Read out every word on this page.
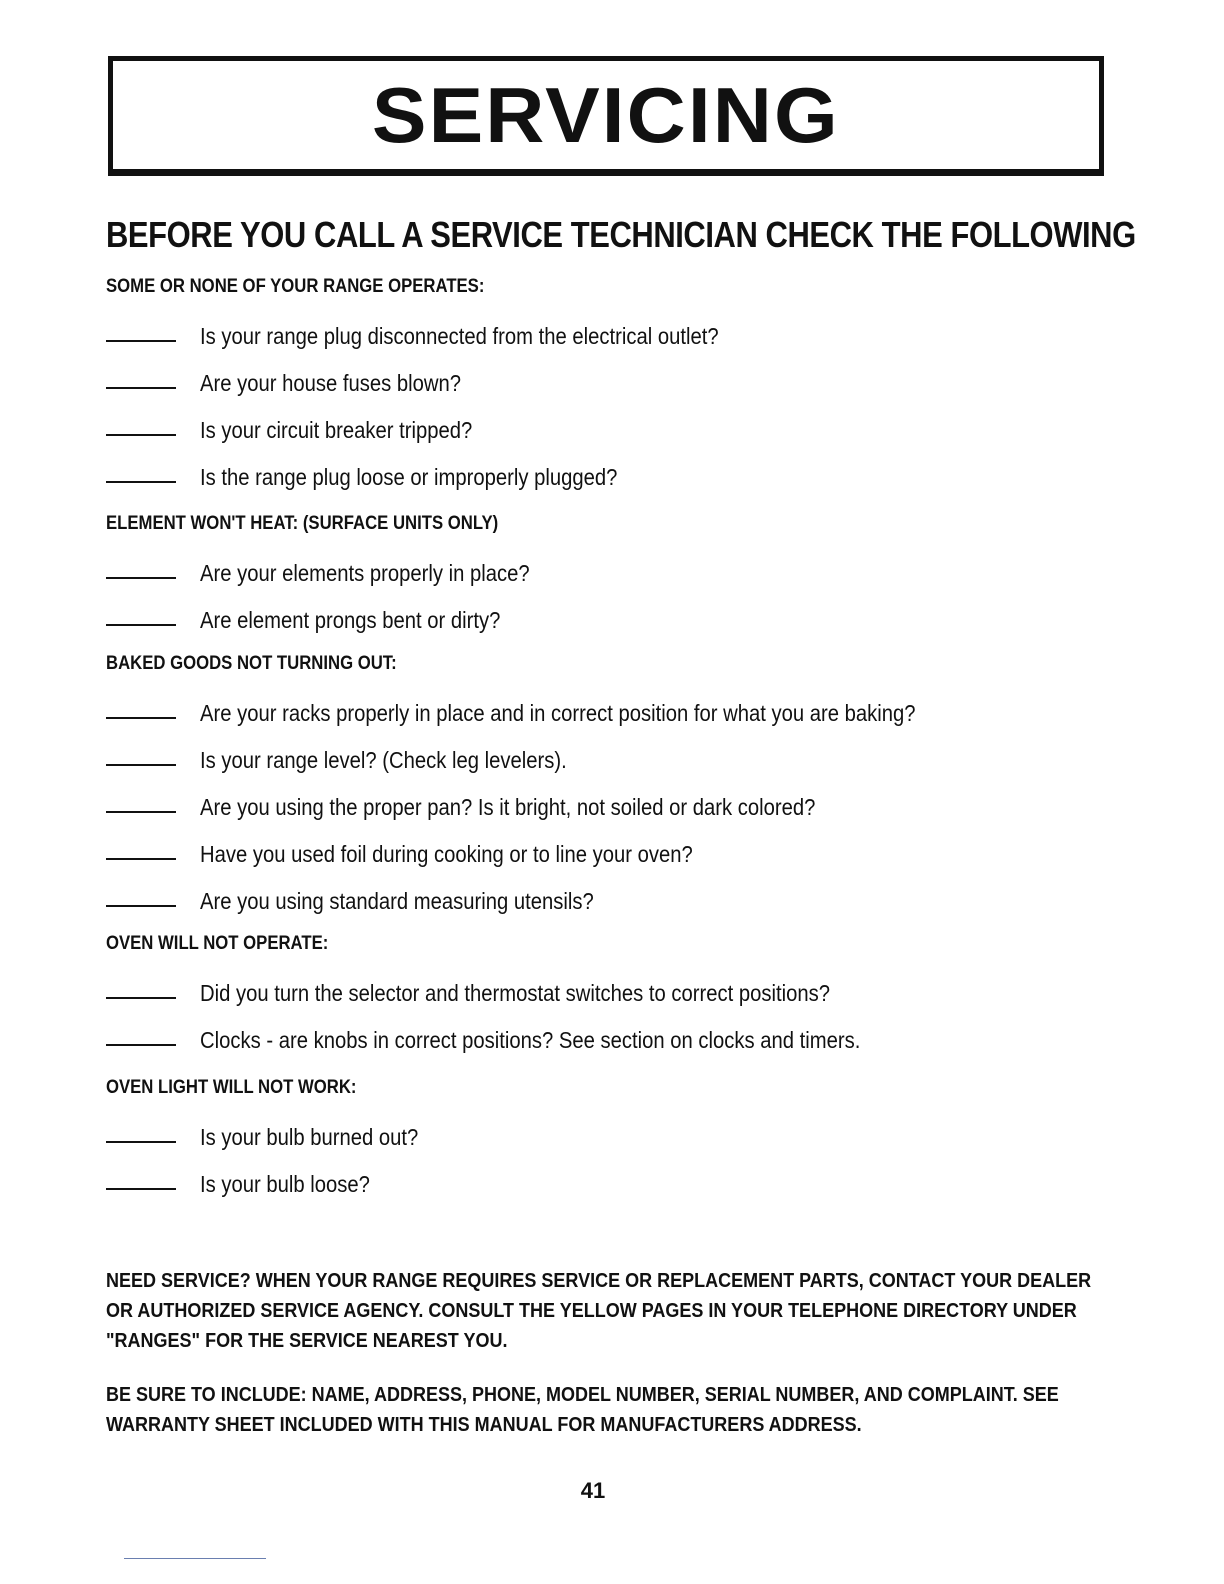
SERVICING
BEFORE YOU CALL A SERVICE TECHNICIAN CHECK THE FOLLOWING
SOME OR NONE OF YOUR RANGE OPERATES:
Is your range plug disconnected from the electrical outlet?
Are your house fuses blown?
Is your circuit breaker tripped?
Is the range plug loose or improperly plugged?
ELEMENT WON'T HEAT: (SURFACE UNITS ONLY)
Are your elements properly in place?
Are element prongs bent or dirty?
BAKED GOODS NOT TURNING OUT:
Are your racks properly in place and in correct position for what you are baking?
Is your range level? (Check leg levelers).
Are you using the proper pan? Is it bright, not soiled or dark colored?
Have you used foil during cooking or to line your oven?
Are you using standard measuring utensils?
OVEN WILL NOT OPERATE:
Did you turn the selector and thermostat switches to correct positions?
Clocks - are knobs in correct positions? See section on clocks and timers.
OVEN LIGHT WILL NOT WORK:
Is your bulb burned out?
Is your bulb loose?
NEED SERVICE? WHEN YOUR RANGE REQUIRES SERVICE OR REPLACEMENT PARTS, CONTACT YOUR DEALER OR AUTHORIZED SERVICE AGENCY. CONSULT THE YELLOW PAGES IN YOUR TELEPHONE DIRECTORY UNDER "RANGES" FOR THE SERVICE NEAREST YOU.
BE SURE TO INCLUDE: NAME, ADDRESS, PHONE, MODEL NUMBER, SERIAL NUMBER, AND COMPLAINT. SEE WARRANTY SHEET INCLUDED WITH THIS MANUAL FOR MANUFACTURERS ADDRESS.
41
